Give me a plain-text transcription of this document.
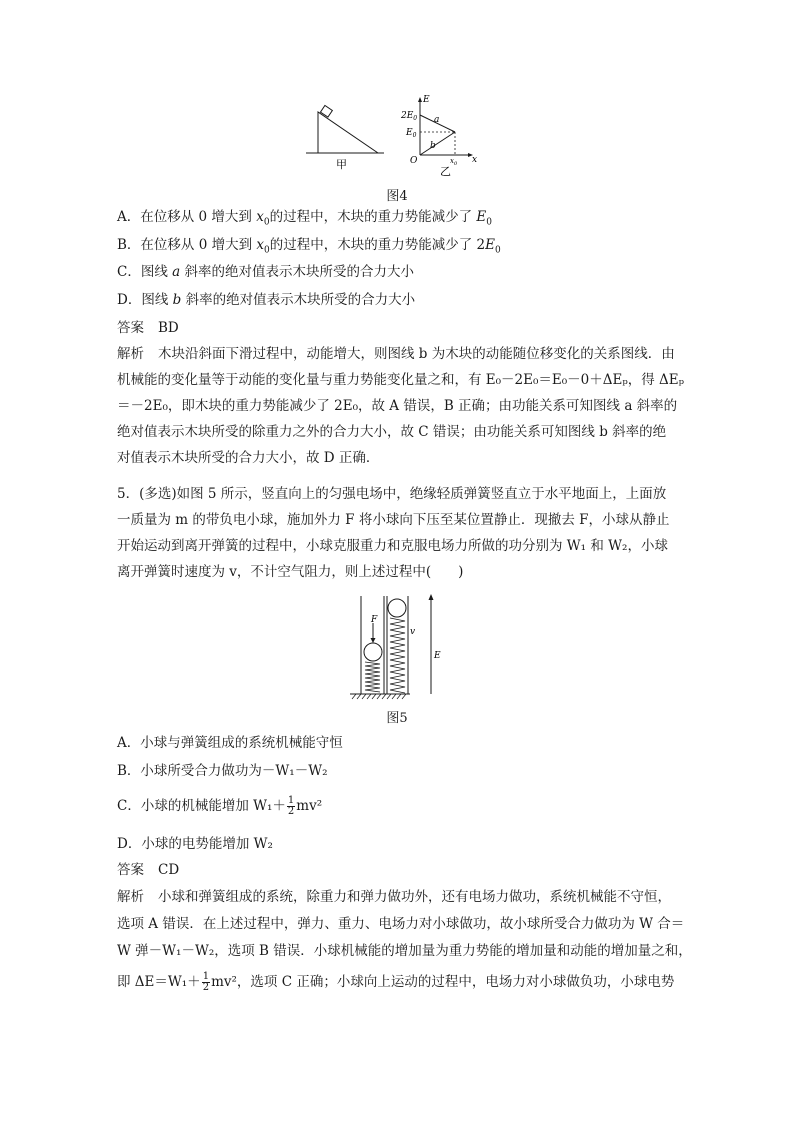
甲
E
$2E_0$
$E_0$
O	x
$x_0$
a
b
乙
图4
A．在位移从 0 增大到 $x_0$的过程中，木块的重力势能减少了 $E_0$
B．在位移从 0 增大到 $x_0$的过程中，木块的重力势能减少了 $2E_0$
C．图线 a 斜率的绝对值表示木块所受的合力大小
D．图线 b 斜率的绝对值表示木块所受的合力大小
答案 BD
解析 木块沿斜面下滑过程中，动能增大，则图线 b 为木块的动能随位移变化的关系图线．由
机械能的变化量等于动能的变化量与重力势能变化量之和，有 E₀－2E₀＝E₀－0＋ΔEₚ，得 ΔEₚ
＝－2E₀，即木块的重力势能减少了 2E₀，故 A 错误，B 正确；由功能关系可知图线 a 斜率的
绝对值表示木块所受的除重力之外的合力大小，故 C 错误；由功能关系可知图线 b 斜率的绝
对值表示木块所受的合力大小，故 D 正确．
5．(多选)如图 5 所示，竖直向上的匀强电场中，绝缘轻质弹簧竖直立于水平地面上，上面放
一质量为 m 的带负电小球，施加外力 F 将小球向下压至某位置静止．现撤去 F，小球从静止
开始运动到离开弹簧的过程中，小球克服重力和克服电场力所做的功分别为 W₁ 和 W₂，小球
离开弹簧时速度为 v，不计空气阻力，则上述过程中(　　)
F
v
E
图5
A．小球与弹簧组成的系统机械能守恒
B．小球所受合力做功为－W₁－W₂
C．小球的机械能增加 $W_1+ \frac{1}{2} mv^2$
D．小球的电势能增加 W₂
答案 CD
解析 小球和弹簧组成的系统，除重力和弹力做功外，还有电场力做功，系统机械能不守恒，
选项 A 错误．在上述过程中，弹力、重力、电场力对小球做功，故小球所受合力做功为 W 合＝
W 弹－W₁－W₂，选项 B 错误．小球机械能的增加量为重力势能的增加量和动能的增加量之和，
即 $\Delta E=W_1+ \frac{1}{2} mv^2$，选项 C 正确；小球向上运动的过程中，电场力对小球做负功，小球电势
